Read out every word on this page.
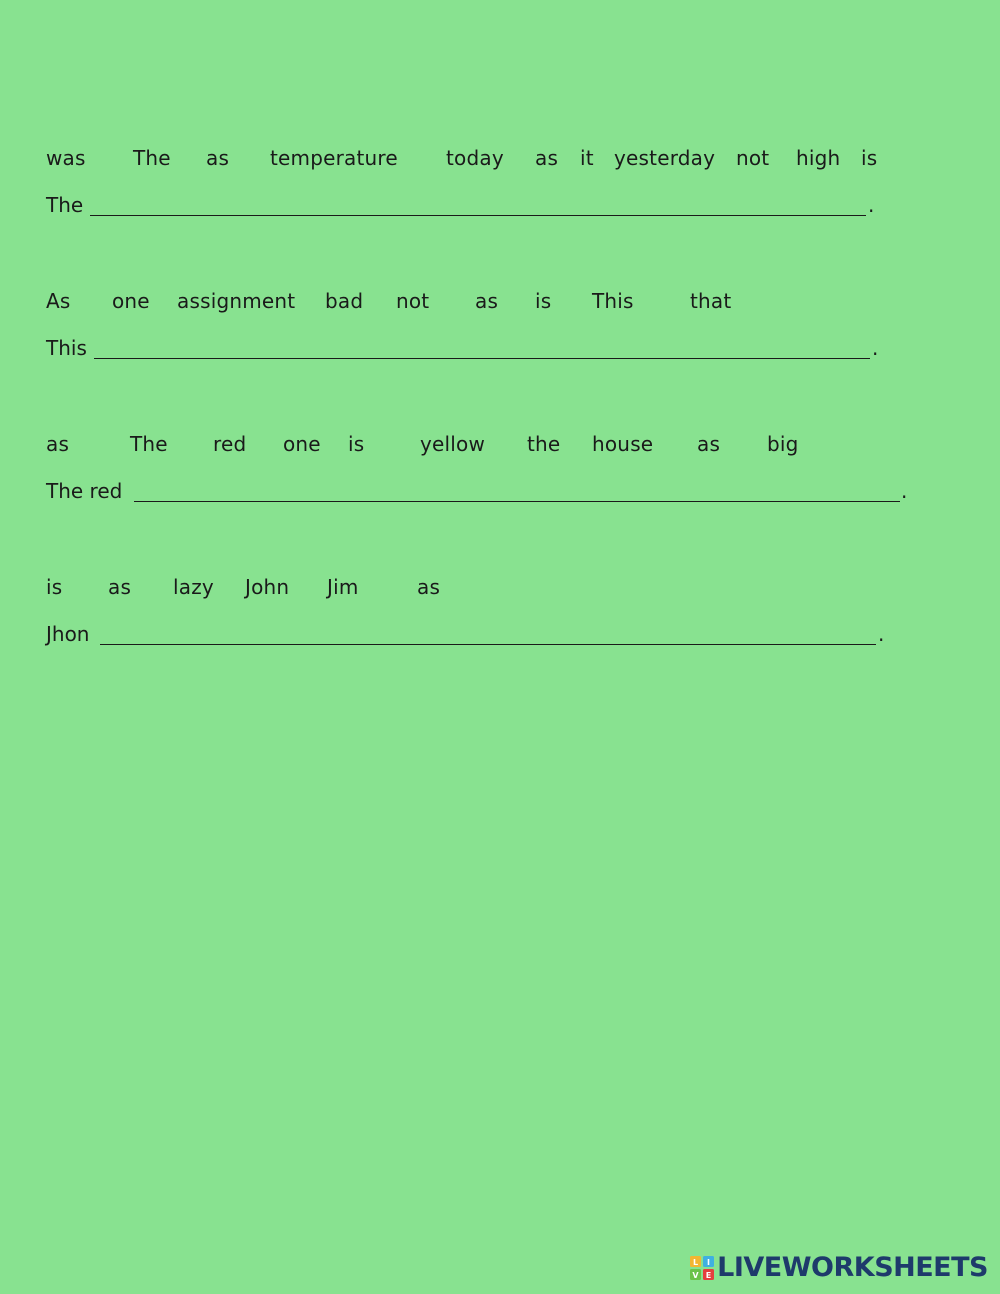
was The as temperature today as it yesterday not high is
The	.
As one assignment bad not as is This	that
This	.
as	The red one is	yellow the house as big
The red	.
is as lazy John Jim	as
Jhon	.
L I
V E LIVEWORKSHEETS
